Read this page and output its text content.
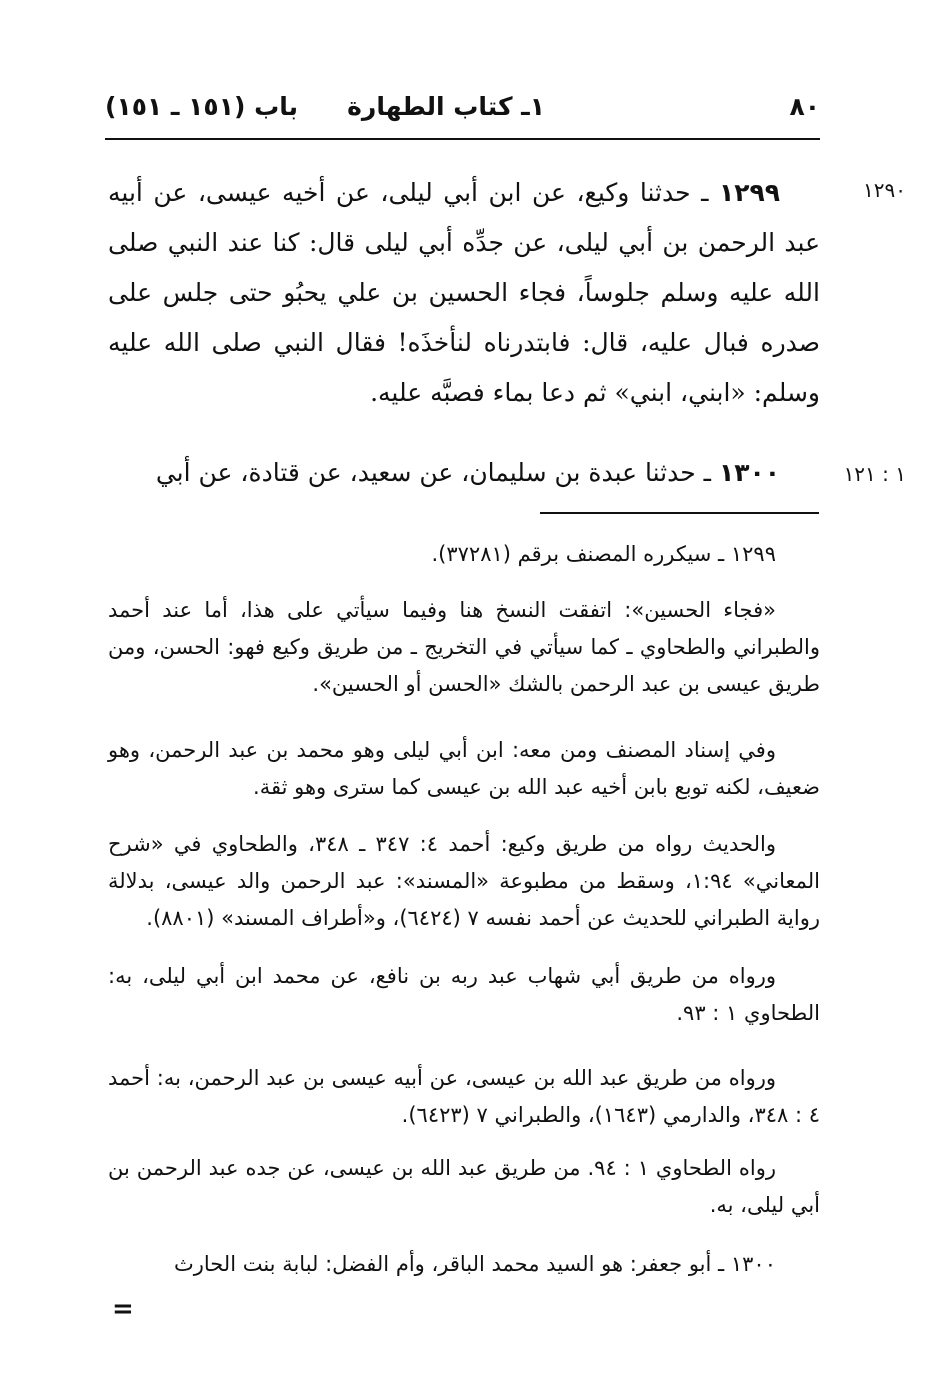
٨٠
١ـ كتاب الطهارة
باب (١٥١ ـ ١٥١)
١٢٩٠
١٢٩٩ ـ حدثنا وكيع، عن ابن أبي ليلى، عن أخيه عيسى، عن أبيه عبد الرحمن بن أبي ليلى، عن جدِّه أبي ليلى قال: كنا عند النبي صلى الله عليه وسلم جلوساً، فجاء الحسين بن علي يحبُو حتى جلس على صدره فبال عليه، قال: فابتدرناه لنأخذَه! فقال النبي صلى الله عليه وسلم: «ابني، ابني» ثم دعا بماء فصبَّه عليه.
١ : ١٢١
١٣٠٠ ـ حدثنا عبدة بن سليمان، عن سعيد، عن قتادة، عن أبي
١٢٩٩ ـ سيكرره المصنف برقم (٣٧٢٨١).
«فجاء الحسين»: اتفقت النسخ هنا وفيما سيأتي على هذا، أما عند أحمد والطبراني والطحاوي ـ كما سيأتي في التخريج ـ من طريق وكيع فهو: الحسن، ومن طريق عيسى بن عبد الرحمن بالشك «الحسن أو الحسين».
وفي إسناد المصنف ومن معه: ابن أبي ليلى وهو محمد بن عبد الرحمن، وهو ضعيف، لكنه توبع بابن أخيه عبد الله بن عيسى كما سترى وهو ثقة.
والحديث رواه من طريق وكيع: أحمد ٤: ٣٤٧ ـ ٣٤٨، والطحاوي في «شرح المعاني» ١:٩٤، وسقط من مطبوعة «المسند»: عبد الرحمن والد عيسى، بدلالة رواية الطبراني للحديث عن أحمد نفسه ٧ (٦٤٢٤)، و«أطراف المسند» (٨٨٠١).
ورواه من طريق أبي شهاب عبد ربه بن نافع، عن محمد ابن أبي ليلى، به: الطحاوي ١ : ٩٣.
ورواه من طريق عبد الله بن عيسى، عن أبيه عيسى بن عبد الرحمن، به: أحمد ٤ : ٣٤٨، والدارمي (١٦٤٣)، والطبراني ٧ (٦٤٢٣).
رواه الطحاوي ١ : ٩٤. من طريق عبد الله بن عيسى، عن جده عبد الرحمن بن أبي ليلى، به.
١٣٠٠ ـ أبو جعفر: هو السيد محمد الباقر، وأم الفضل: لبابة بنت الحارث
=
